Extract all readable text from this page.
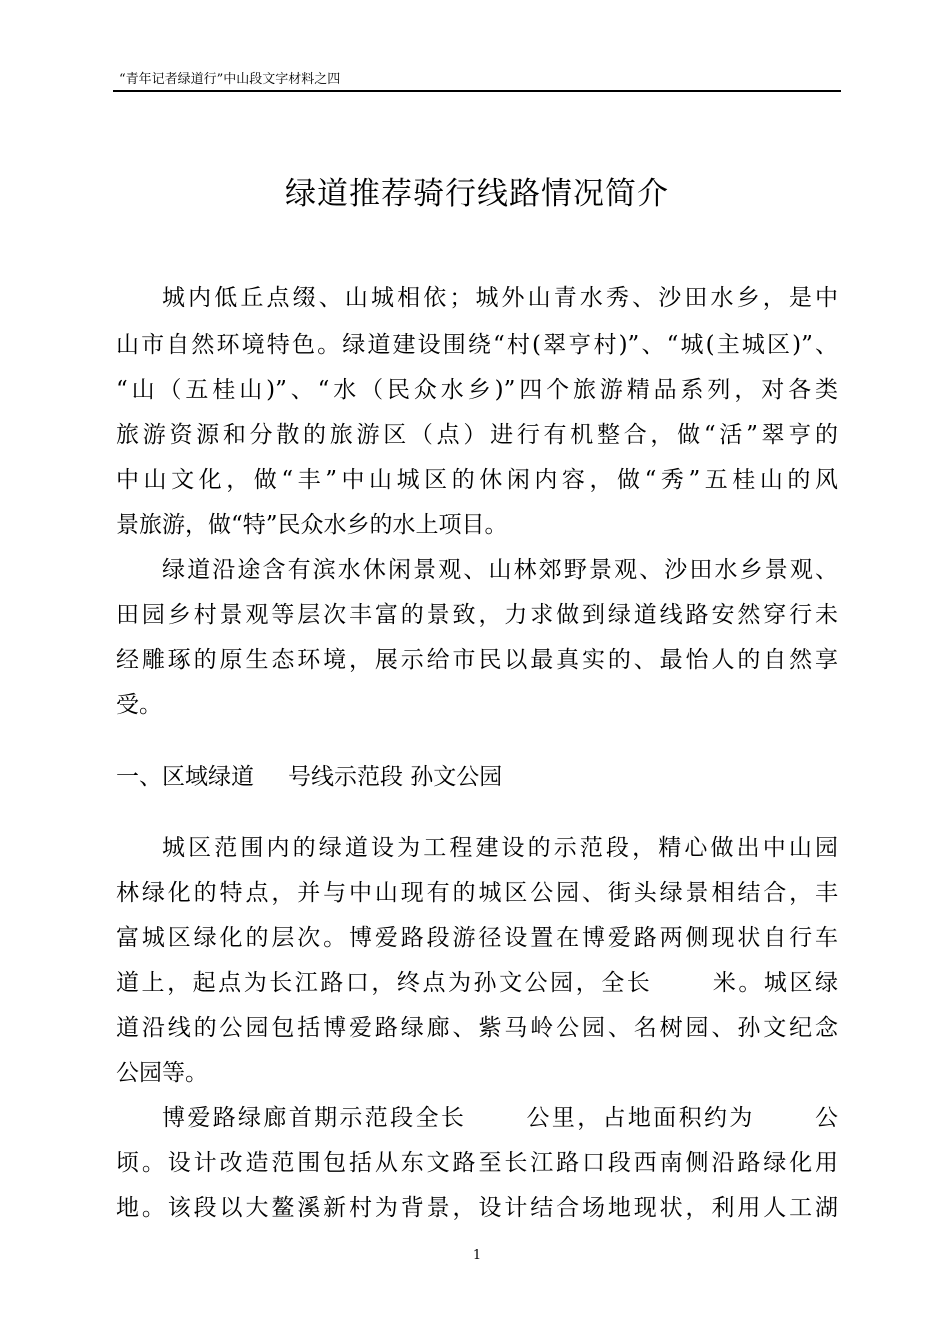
“青年记者绿道行”中山段文字材料之四
绿道推荐骑行线路情况简介
城内低丘点缀、山城相依；城外山青水秀、沙田水乡，是中
山市自然环境特色。绿道建设围绕“村(翠亨村)”、“城(主城区)”、
“山（五桂山)”、“水（民众水乡)”四个旅游精品系列，对各类
旅游资源和分散的旅游区（点）进行有机整合，做“活”翠亨的
中山文化，做“丰”中山城区的休闲内容，做“秀”五桂山的风
景旅游，做“特”民众水乡的水上项目。
绿道沿途含有滨水休闲景观、山林郊野景观、沙田水乡景观、
田园乡村景观等层次丰富的景致，力求做到绿道线路安然穿行未
经雕琢的原生态环境，展示给市民以最真实的、最怡人的自然享
受。
一、区域绿道 号线示范段 孙文公园
城区范围内的绿道设为工程建设的示范段，精心做出中山园
林绿化的特点，并与中山现有的城区公园、街头绿景相结合，丰
富城区绿化的层次。博爱路段游径设置在博爱路两侧现状自行车
道上，起点为长江路口，终点为孙文公园，全长	米。城区绿
道沿线的公园包括博爱路绿廊、紫马岭公园、名树园、孙文纪念
公园等。
博爱路绿廊首期示范段全长	公里，占地面积约为	公
顷。设计改造范围包括从东文路至长江路口段西南侧沿路绿化用
地。该段以大鳌溪新村为背景，设计结合场地现状，利用人工湖
1
